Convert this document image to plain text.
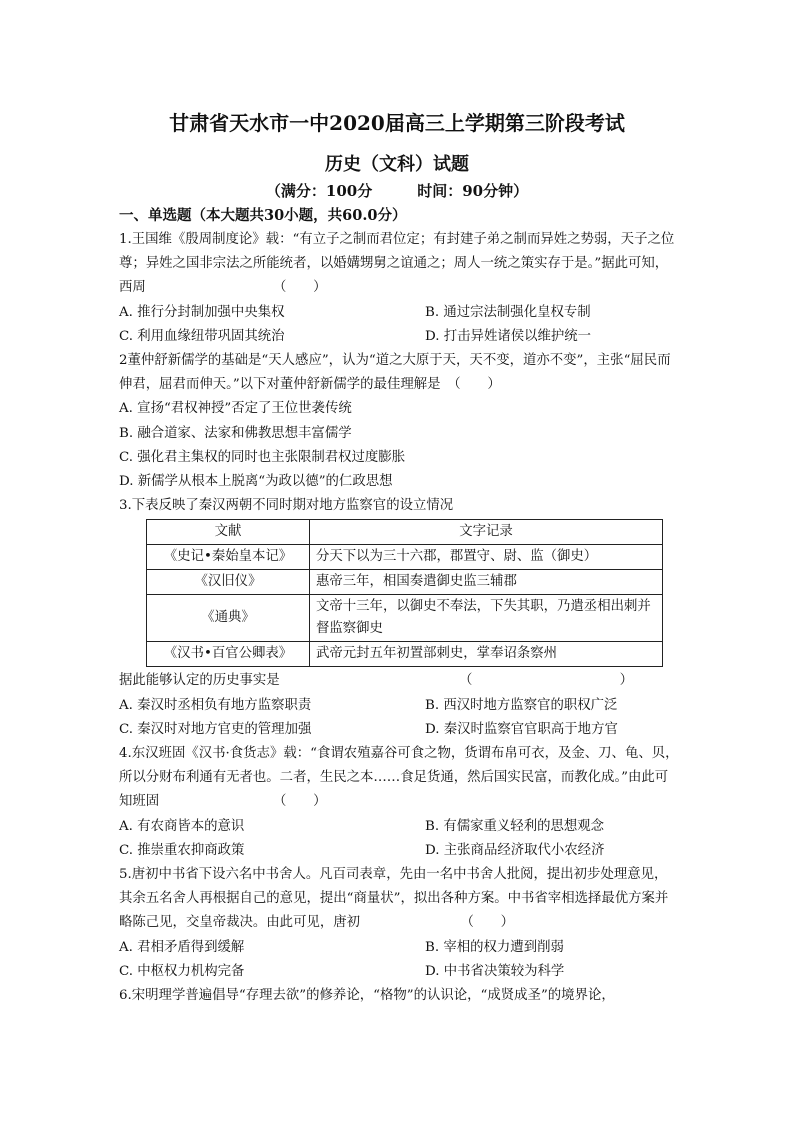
甘肃省天水市一中2020届高三上学期第三阶段考试
历史（文科）试题
（满分：100分　　　时间：90分钟）
一、单选题（本大题共30小题，共60.0分）

1.王国维《殷周制度论》载：“有立子之制而君位定；有封建子弟之制而异姓之势弱，天子之位尊；异姓之国非宗法之所能统者，以婚媾甥舅之谊通之；周人一统之策实存于是。”据此可知，西周　　　　　　　　　　（　　）

A. 推行分封制加强中央集权	B. 通过宗法制强化皇权专制
C. 利用血缘纽带巩固其统治	D. 打击异姓诸侯以维护统一

2董仲舒新儒学的基础是“天人感应”，认为“道之大原于天，天不变，道亦不变”，主张“屈民而伸君，屈君而伸天。”以下对董仲舒新儒学的最佳理解是　（　　）

A. 宣扬“君权神授”否定了王位世袭传统

B. 融合道家、法家和佛教思想丰富儒学

C. 强化君主集权的同时也主张限制君权过度膨胀

D. 新儒学从根本上脱离“为政以德”的仁政思想

3.下表反映了秦汉两朝不同时期对地方监察官的设立情况

文献	文字记录
《史记•秦始皇本记》	分天下以为三十六郡，郡置守、尉、监（御史）
《汉旧仪》	惠帝三年，相国奏遣御史监三辅郡
《通典》	文帝十三年，以御史不奉法，下失其职，乃遣丞相出刺并督监察御史
《汉书•百官公卿表》	武帝元封五年初置部刺史，掌奉诏条察州
据此能够认定的历史事实是	（　　　　　　　　　　　）
A. 秦汉时丞相负有地方监察职责	B. 西汉时地方监察官的职权广泛
C. 秦汉时对地方官吏的管理加强	D. 秦汉时监察官官职高于地方官

4.东汉班固《汉书·食货志》载：“食谓农殖嘉谷可食之物，货谓布帛可衣，及金、刀、龟、贝，所以分财布利通有无者也。二者，生民之本……食足货通，然后国实民富，而教化成。”由此可知班固　　　　　　　　　（　　）

A. 有农商皆本的意识	B. 有儒家重义轻利的思想观念
C. 推崇重农抑商政策	D. 主张商品经济取代小农经济

5.唐初中书省下设六名中书舍人。凡百司表章，先由一名中书舍人批阅，提出初步处理意见，其余五名舍人再根据自己的意见，提出“商量状”，拟出各种方案。中书省宰相选择最优方案并略陈己见，交皇帝裁决。由此可见，唐初　　　　　　　　（　　）

A. 君相矛盾得到缓解	B. 宰相的权力遭到削弱
C. 中枢权力机构完备	D. 中书省决策较为科学

6.宋明理学普遍倡导“存理去欲”的修养论，“格物”的认识论，“成贤成圣”的境界论，
